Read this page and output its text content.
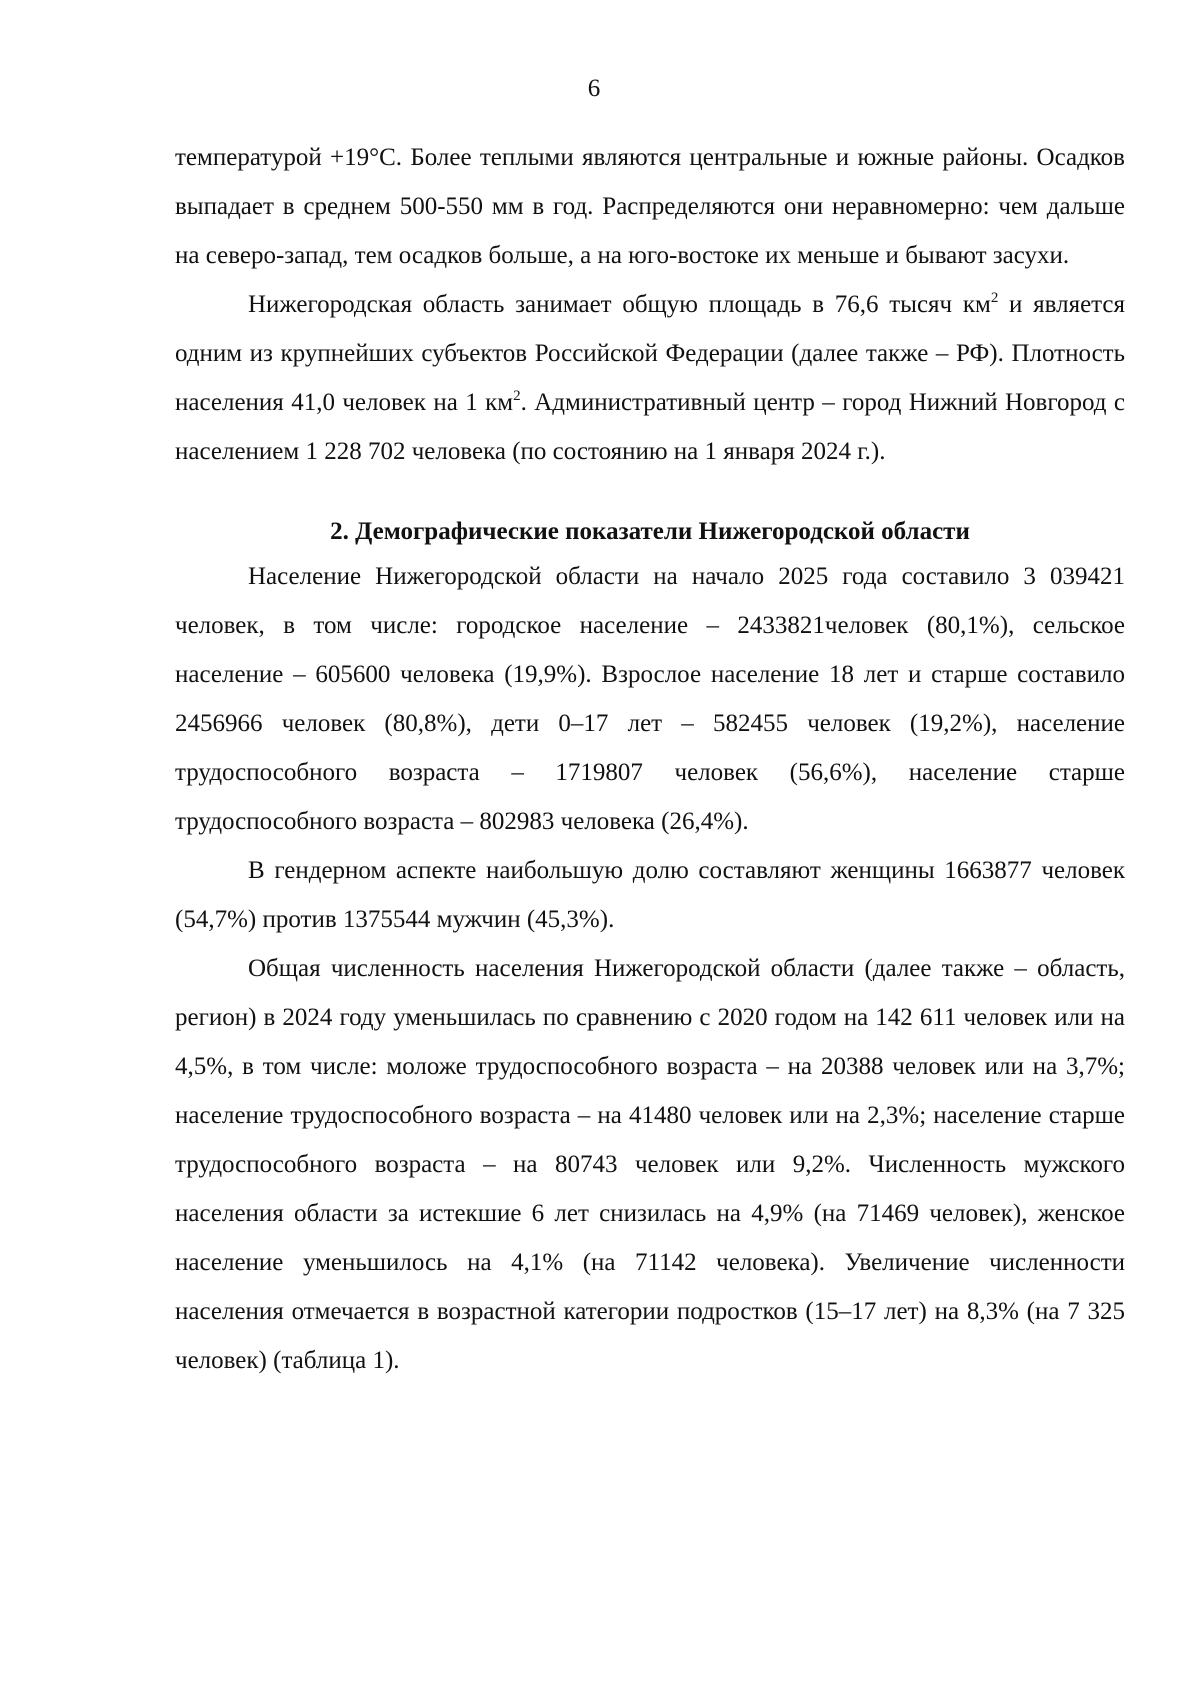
6

температурой +19°С. Более теплыми являются центральные и южные районы. Осадков выпадает в среднем 500-550 мм в год. Распределяются они неравномерно: чем дальше на северо-запад, тем осадков больше, а на юго-востоке их меньше и бывают засухи.

Нижегородская область занимает общую площадь в 76,6 тысяч $км^2$ и является одним из крупнейших субъектов Российской Федерации (далее также – РФ). Плотность населения 41,0 человек на 1 $км^2$. Административный центр – город Нижний Новгород с населением 1 228 702 человека (по состоянию на 1 января 2024 г.).

2. Демографические показатели Нижегородской области

Население Нижегородской области на начало 2025 года составило 3 039421 человек, в том числе: городское население – 2433821человек (80,1%), сельское население – 605600 человека (19,9%). Взрослое население 18 лет и старше составило 2456966 человек (80,8%), дети 0–17 лет – 582455 человек (19,2%), население трудоспособного возраста – 1719807 человек (56,6%), население старше трудоспособного возраста – 802983 человека (26,4%).

В гендерном аспекте наибольшую долю составляют женщины 1663877 человек (54,7%) против 1375544 мужчин (45,3%).

Общая численность населения Нижегородской области (далее также – область, регион) в 2024 году уменьшилась по сравнению с 2020 годом на 142 611 человек или на 4,5%, в том числе: моложе трудоспособного возраста – на 20388 человек или на 3,7%; население трудоспособного возраста – на 41480 человек или на 2,3%; население старше трудоспособного возраста – на 80743 человек или 9,2%. Численность мужского населения области за истекшие 6 лет снизилась на 4,9% (на 71469 человек), женское население уменьшилось на 4,1% (на 71142 человека). Увеличение численности населения отмечается в возрастной категории подростков (15–17 лет) на 8,3% (на 7 325 человек) (таблица 1).
